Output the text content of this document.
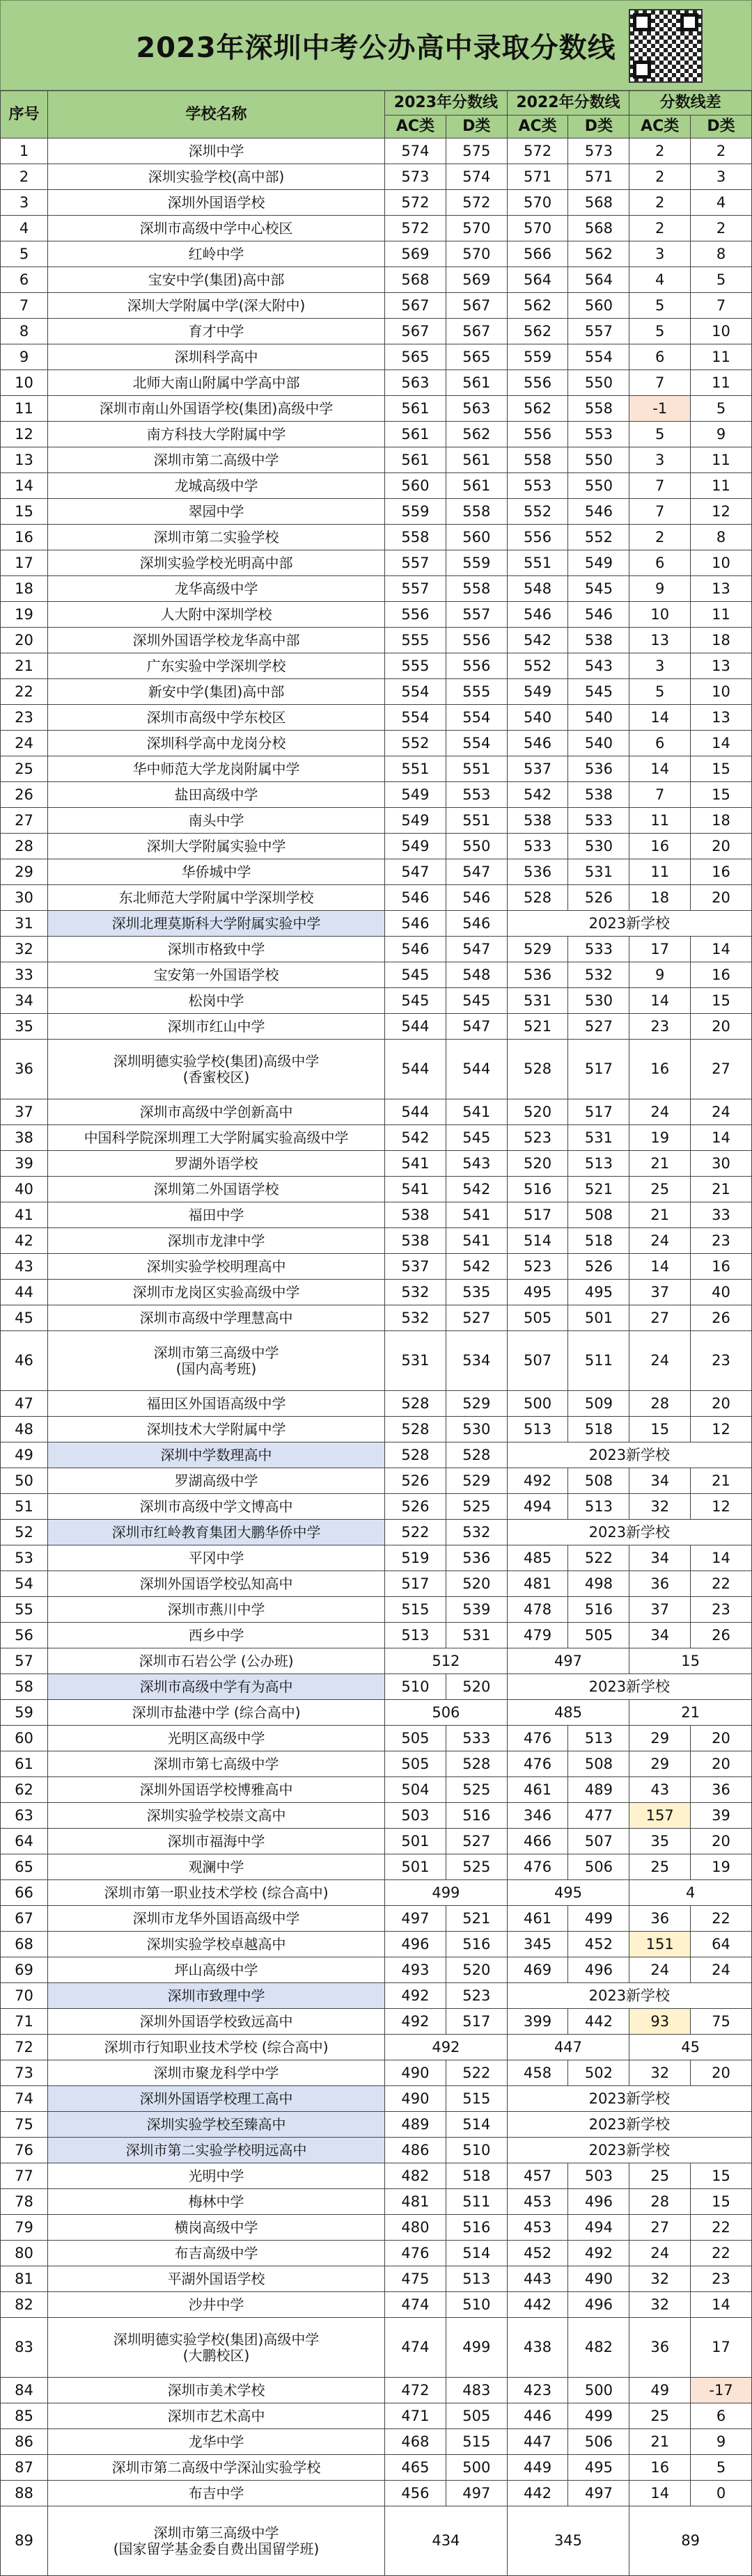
2023年深圳中考公办高中录取分数线
序号	学校名称	2023年分数线		2022年分数线		分数线差	
		AC类	D类	AC类	D类	AC类	D类
1	深圳中学	574	575	572	573	2	2
2	深圳实验学校(高中部)	573	574	571	571	2	3
3	深圳外国语学校	572	572	570	568	2	4
4	深圳市高级中学中心校区	572	570	570	568	2	2
5	红岭中学	569	570	566	562	3	8
6	宝安中学(集团)高中部	568	569	564	564	4	5
7	深圳大学附属中学(深大附中)	567	567	562	560	5	7
8	育才中学	567	567	562	557	5	10
9	深圳科学高中	565	565	559	554	6	11
10	北师大南山附属中学高中部	563	561	556	550	7	11
11	深圳市南山外国语学校(集团)高级中学	561	563	562	558	-1	5
12	南方科技大学附属中学	561	562	556	553	5	9
13	深圳市第二高级中学	561	561	558	550	3	11
14	龙城高级中学	560	561	553	550	7	11
15	翠园中学	559	558	552	546	7	12
16	深圳市第二实验学校	558	560	556	552	2	8
17	深圳实验学校光明高中部	557	559	551	549	6	10
18	龙华高级中学	557	558	548	545	9	13
19	人大附中深圳学校	556	557	546	546	10	11
20	深圳外国语学校龙华高中部	555	556	542	538	13	18
21	广东实验中学深圳学校	555	556	552	543	3	13
22	新安中学(集团)高中部	554	555	549	545	5	10
23	深圳市高级中学东校区	554	554	540	540	14	13
24	深圳科学高中龙岗分校	552	554	546	540	6	14
25	华中师范大学龙岗附属中学	551	551	537	536	14	15
26	盐田高级中学	549	553	542	538	7	15
27	南头中学	549	551	538	533	11	18
28	深圳大学附属实验中学	549	550	533	530	16	20
29	华侨城中学	547	547	536	531	11	16
30	东北师范大学附属中学深圳学校	546	546	528	526	18	20
31	深圳北理莫斯科大学附属实验中学	546	546	2023新学校			
32	深圳市格致中学	546	547	529	533	17	14
33	宝安第一外国语学校	545	548	536	532	9	16
34	松岗中学	545	545	531	530	14	15
35	深圳市红山中学	544	547	521	527	23	20
36	深圳明德实验学校(集团)高级中学
(香蜜校区)	544	544	528	517	16	27
37	深圳市高级中学创新高中	544	541	520	517	24	24
38	中国科学院深圳理工大学附属实验高级中学	542	545	523	531	19	14
39	罗湖外语学校	541	543	520	513	21	30
40	深圳第二外国语学校	541	542	516	521	25	21
41	福田中学	538	541	517	508	21	33
42	深圳市龙津中学	538	541	514	518	24	23
43	深圳实验学校明理高中	537	542	523	526	14	16
44	深圳市龙岗区实验高级中学	532	535	495	495	37	40
45	深圳市高级中学理慧高中	532	527	505	501	27	26
46	深圳市第三高级中学
(国内高考班)	531	534	507	511	24	23
47	福田区外国语高级中学	528	529	500	509	28	20
48	深圳技术大学附属中学	528	530	513	518	15	12
49	深圳中学数理高中	528	528	2023新学校			
50	罗湖高级中学	526	529	492	508	34	21
51	深圳市高级中学文博高中	526	525	494	513	32	12
52	深圳市红岭教育集团大鹏华侨中学	522	532	2023新学校			
53	平冈中学	519	536	485	522	34	14
54	深圳外国语学校弘知高中	517	520	481	498	36	22
55	深圳市燕川中学	515	539	478	516	37	23
56	西乡中学	513	531	479	505	34	26
57	深圳市石岩公学 (公办班)	512		497		15	
58	深圳市高级中学有为高中	510	520	2023新学校			
59	深圳市盐港中学 (综合高中)	506		485		21	
60	光明区高级中学	505	533	476	513	29	20
61	深圳市第七高级中学	505	528	476	508	29	20
62	深圳外国语学校博雅高中	504	525	461	489	43	36
63	深圳实验学校崇文高中	503	516	346	477	157	39
64	深圳市福海中学	501	527	466	507	35	20
65	观澜中学	501	525	476	506	25	19
66	深圳市第一职业技术学校 (综合高中)	499		495		4	
67	深圳市龙华外国语高级中学	497	521	461	499	36	22
68	深圳实验学校卓越高中	496	516	345	452	151	64
69	坪山高级中学	493	520	469	496	24	24
70	深圳市致理中学	492	523	2023新学校			
71	深圳外国语学校致远高中	492	517	399	442	93	75
72	深圳市行知职业技术学校 (综合高中)	492		447		45	
73	深圳市聚龙科学中学	490	522	458	502	32	20
74	深圳外国语学校理工高中	490	515	2023新学校			
75	深圳实验学校至臻高中	489	514	2023新学校			
76	深圳市第二实验学校明远高中	486	510	2023新学校			
77	光明中学	482	518	457	503	25	15
78	梅林中学	481	511	453	496	28	15
79	横岗高级中学	480	516	453	494	27	22
80	布吉高级中学	476	514	452	492	24	22
81	平湖外国语学校	475	513	443	490	32	23
82	沙井中学	474	510	442	496	32	14
83	深圳明德实验学校(集团)高级中学
(大鹏校区)	474	499	438	482	36	17
84	深圳市美术学校	472	483	423	500	49	-17
85	深圳市艺术高中	471	505	446	499	25	6
86	龙华中学	468	515	447	506	21	9
87	深圳市第二高级中学深汕实验学校	465	500	449	495	16	5
88	布吉中学	456	497	442	497	14	0
89	深圳市第三高级中学
(国家留学基金委自费出国留学班)	434		345		89	
